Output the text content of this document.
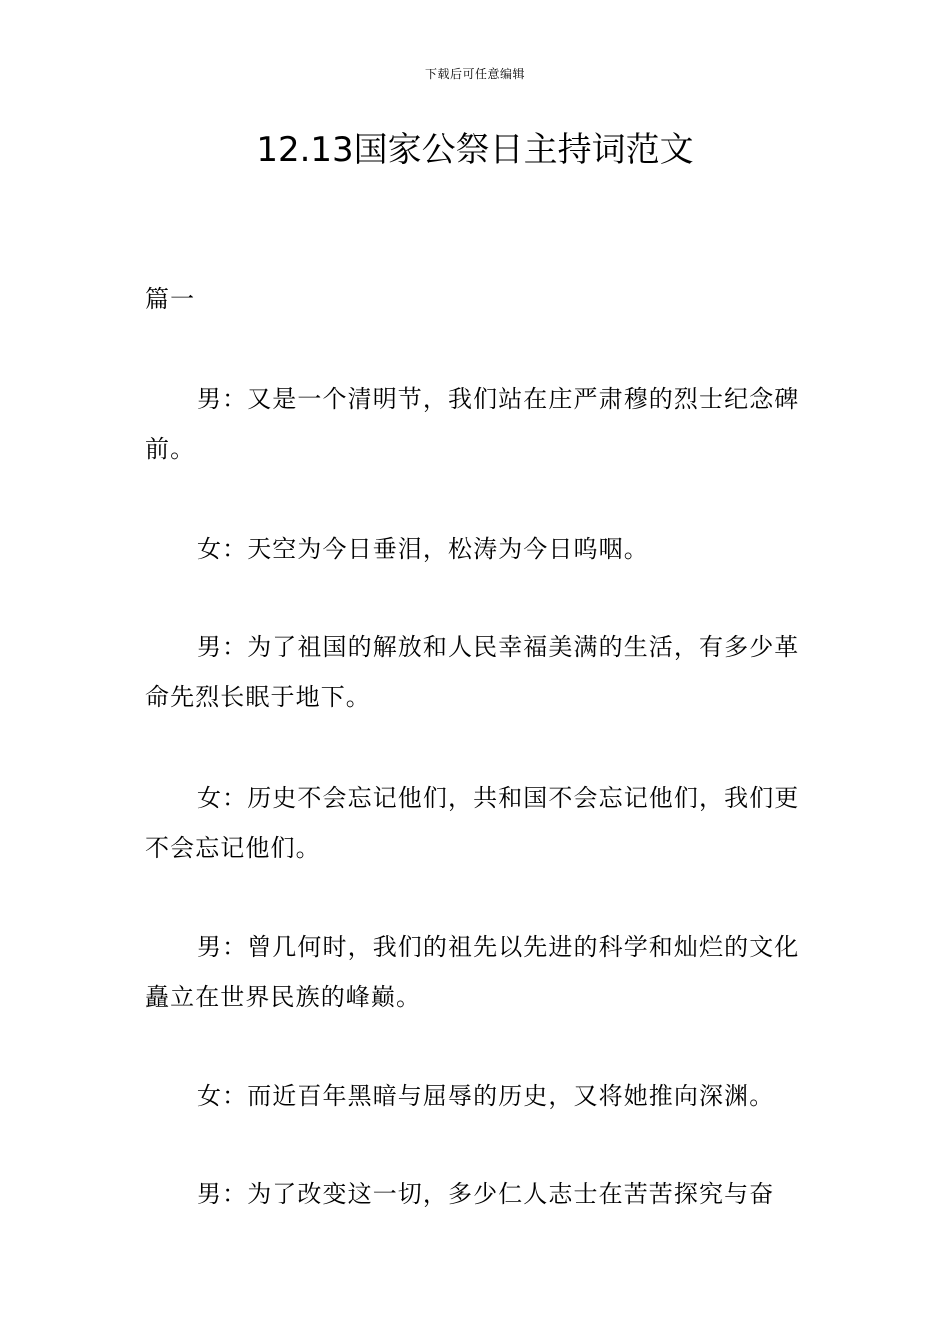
下载后可任意编辑
12.13国家公祭日主持词范文

篇一

男：又是一个清明节，我们站在庄严肃穆的烈士纪念碑前。

女：天空为今日垂泪，松涛为今日呜咽。

男：为了祖国的解放和人民幸福美满的生活，有多少革命先烈长眠于地下。

女：历史不会忘记他们，共和国不会忘记他们，我们更不会忘记他们。

男：曾几何时，我们的祖先以先进的科学和灿烂的文化矗立在世界民族的峰巅。

女：而近百年黑暗与屈辱的历史，又将她推向深渊。

男：为了改变这一切，多少仁人志士在苦苦探究与奋
